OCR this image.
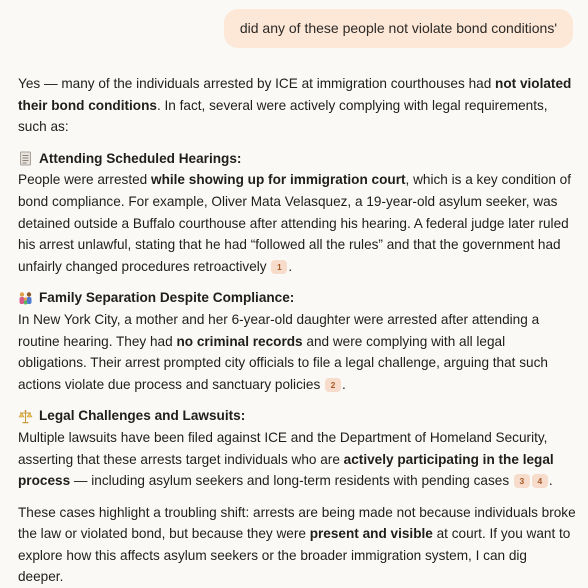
did any of these people not violate bond conditions'

Yes — many of the individuals arrested by ICE at immigration courthouses had not violated their bond conditions. In fact, several were actively complying with legal requirements, such as:

Attending Scheduled Hearings:

People were arrested while showing up for immigration court, which is a key condition of bond compliance. For example, Oliver Mata Velasquez, a 19-year-old asylum seeker, was detained outside a Buffalo courthouse after attending his hearing. A federal judge later ruled his arrest unlawful, stating that he had “followed all the rules” and that the government had unfairly changed procedures retroactively 1 .

Family Separation Despite Compliance:

In New York City, a mother and her 6-year-old daughter were arrested after attending a routine hearing. They had no criminal records and were complying with all legal obligations. Their arrest prompted city officials to file a legal challenge, arguing that such actions violate due process and sanctuary policies 2 .

Legal Challenges and Lawsuits:

Multiple lawsuits have been filed against ICE and the Department of Homeland Security, asserting that these arrests target individuals who are actively participating in the legal process — including asylum seekers and long-term residents with pending cases 3 4 .

These cases highlight a troubling shift: arrests are being made not because individuals broke the law or violated bond, but because they were present and visible at court. If you want to explore how this affects asylum seekers or the broader immigration system, I can dig deeper.
